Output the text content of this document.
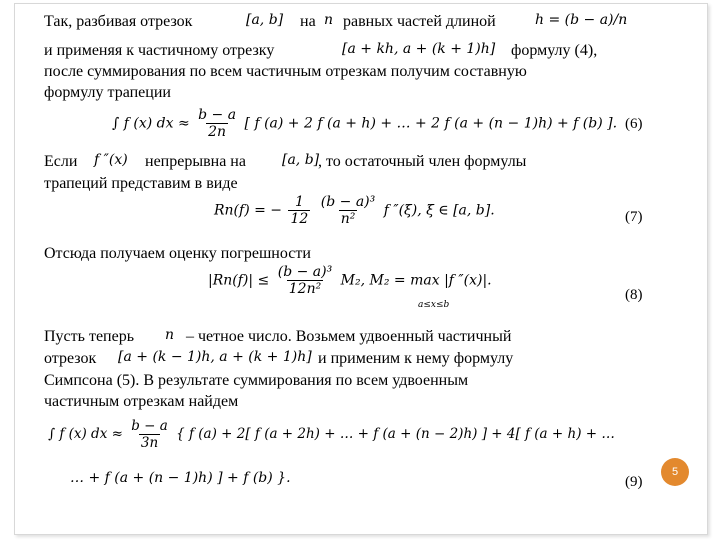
Так, разбивая отрезок	[a, b] на n равных частей длиной	h = (b − a)/n
и применяя к частичному отрезку	[a + kh, a + (k + 1)h] формулу (4),
после суммирования по всем частичным отрезкам получим составную
формулу трапеции
∫ f (x) dx ≈ $\frac{b - a}{2n}$ [ f (a) + 2 f (a + h) + … + 2 f (a + (n − 1)h) + f (b) ]. (6)
Если f ″(x) непрерывна на	[a, b]
, то остаточный член формулы
трапеций представим в виде
Rn(f) = − $\frac{1}{12}$
$\frac{\text{(b − a)³}}{\text{n²}}$ f ″(ξ), ξ ∈ [a, b].	(7)
Отсюда получаем оценку погрешности
$|Rn(f)| \le \frac{\text{(b − a)³}}{\text{12n²}} M_2$, M₂ = max |f ″(x)|.
a≤x≤b
(8)
Пусть теперь n – четное число. Возьмем удвоенный частичный
отрезок [a + (k − 1)h, a + (k + 1)h] и применим к нему формулу
Симпсона (5). В результате суммирования по всем удвоенным
частичным отрезкам найдем
∫ f (x) dx ≈ $\frac{b - a}{3n}$ { f (a) + 2[ f (a + 2h) + … + f (a + (n − 2)h) ] + 4[ f (a + h) + …
… + f (a + (n − 1)h) ] + f (b) }.	(9)
5
